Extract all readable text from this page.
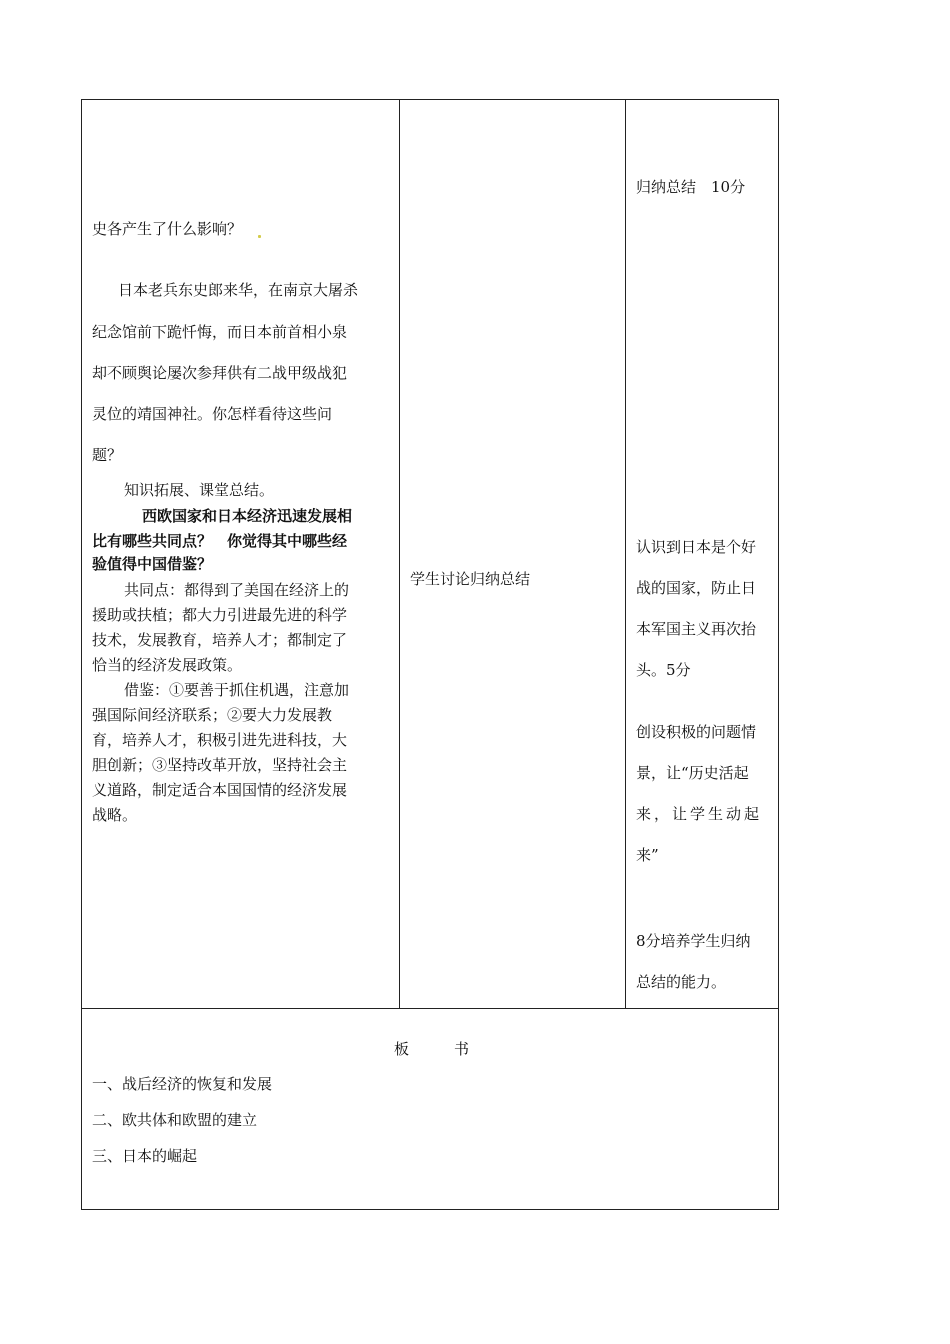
史各产生了什么影响？
日本老兵东史郎来华，在南京大屠杀
纪念馆前下跪忏悔，而日本前首相小泉
却不顾舆论屡次参拜供有二战甲级战犯
灵位的靖国神社。你怎样看待这些问
题？
知识拓展、课堂总结。
西欧国家和日本经济迅速发展相
比有哪些共同点？　你觉得其中哪些经
验值得中国借鉴？
共同点：都得到了美国在经济上的
援助或扶植；都大力引进最先进的科学
技术，发展教育，培养人才；都制定了
恰当的经济发展政策。
借鉴：①要善于抓住机遇，注意加
强国际间经济联系；②要大力发展教
育，培养人才，积极引进先进科技，大
胆创新；③坚持改革开放，坚持社会主
义道路，制定适合本国国情的经济发展
战略。
学生讨论归纳总结
归纳总结　10分
认识到日本是个好
战的国家，防止日
本军国主义再次抬
头。5分
创设积极的问题情
景，让“历史活起
来，让学生动起
来”
8分培养学生归纳
总结的能力。
板　　　书
一、战后经济的恢复和发展
二、欧共体和欧盟的建立
三、日本的崛起
